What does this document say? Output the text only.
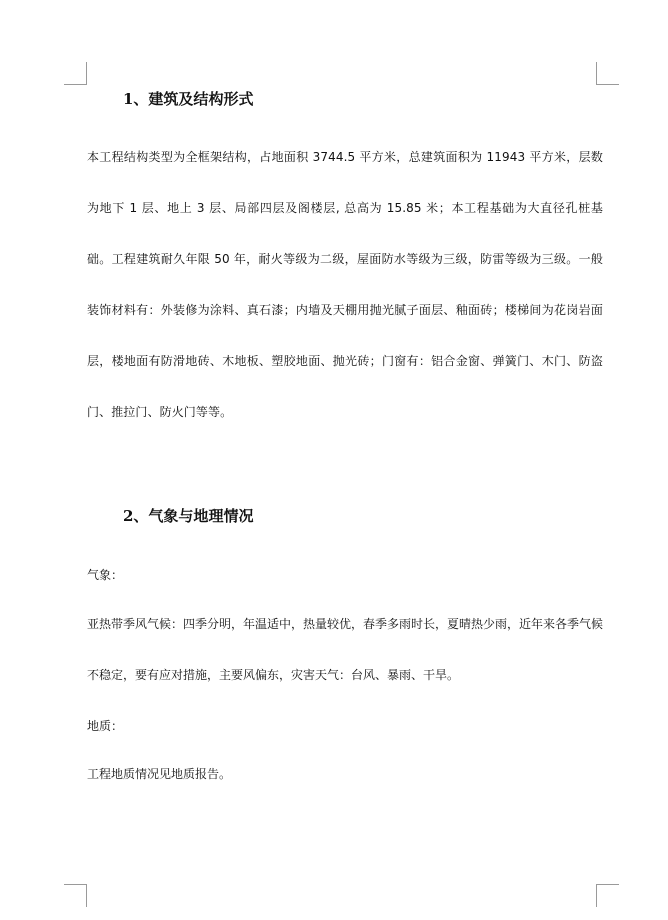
1、建筑及结构形式

本工程结构类型为全框架结构，占地面积 3744.5 平方米，总建筑面积为 11943 平方米，层数为地下 1 层、地上 3 层、局部四层及阁楼层, 总高为 15.85 米；本工程基础为大直径孔桩基础。工程建筑耐久年限 50 年，耐火等级为二级，屋面防水等级为三级，防雷等级为三级。一般装饰材料有：外装修为涂料、真石漆；内墙及天棚用抛光腻子面层、釉面砖；楼梯间为花岗岩面层，楼地面有防滑地砖、木地板、塑胶地面、抛光砖；门窗有：铝合金窗、弹簧门、木门、防盗门、推拉门、防火门等等。

2、气象与地理情况

气象：

亚热带季风气候：四季分明，年温适中，热量较优，春季多雨时长，夏晴热少雨，近年来各季气候不稳定，要有应对措施，主要风偏东，灾害天气：台风、暴雨、干旱。

地质：

工程地质情况见地质报告。
